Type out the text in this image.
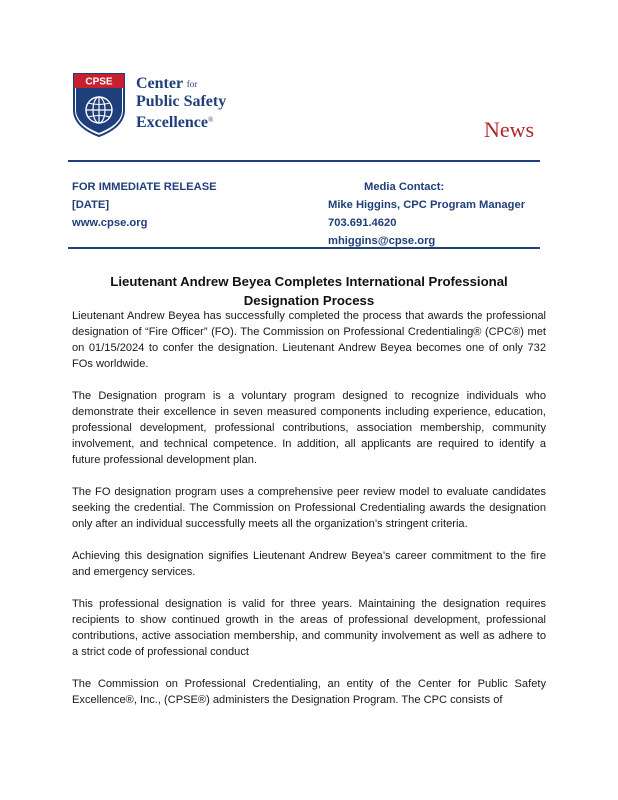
CPSE Center for
Public Safety
Excellence®	News
FOR IMMEDIATE RELEASE
[DATE]
www.cpse.org
Media Contact:
Mike Higgins, CPC Program Manager
703.691.4620
mhiggins@cpse.org
Lieutenant Andrew Beyea Completes International Professional Designation Process

Lieutenant Andrew Beyea has successfully completed the process that awards the professional designation of “Fire Officer” (FO). The Commission on Professional Credentialing® (CPC®) met on 01/15/2024 to confer the designation. Lieutenant Andrew Beyea becomes one of only 732 FOs worldwide.

The Designation program is a voluntary program designed to recognize individuals who demonstrate their excellence in seven measured components including experience, education, professional development, professional contributions, association membership, community involvement, and technical competence. In addition, all applicants are required to identify a future professional development plan.

The FO designation program uses a comprehensive peer review model to evaluate candidates seeking the credential. The Commission on Professional Credentialing awards the designation only after an individual successfully meets all the organization’s stringent criteria.

Achieving this designation signifies Lieutenant Andrew Beyea’s career commitment to the fire and emergency services.

This professional designation is valid for three years. Maintaining the designation requires recipients to show continued growth in the areas of professional development, professional contributions, active association membership, and community involvement as well as adhere to a strict code of professional conduct

The Commission on Professional Credentialing, an entity of the Center for Public Safety Excellence®, Inc., (CPSE®) administers the Designation Program. The CPC consists of
